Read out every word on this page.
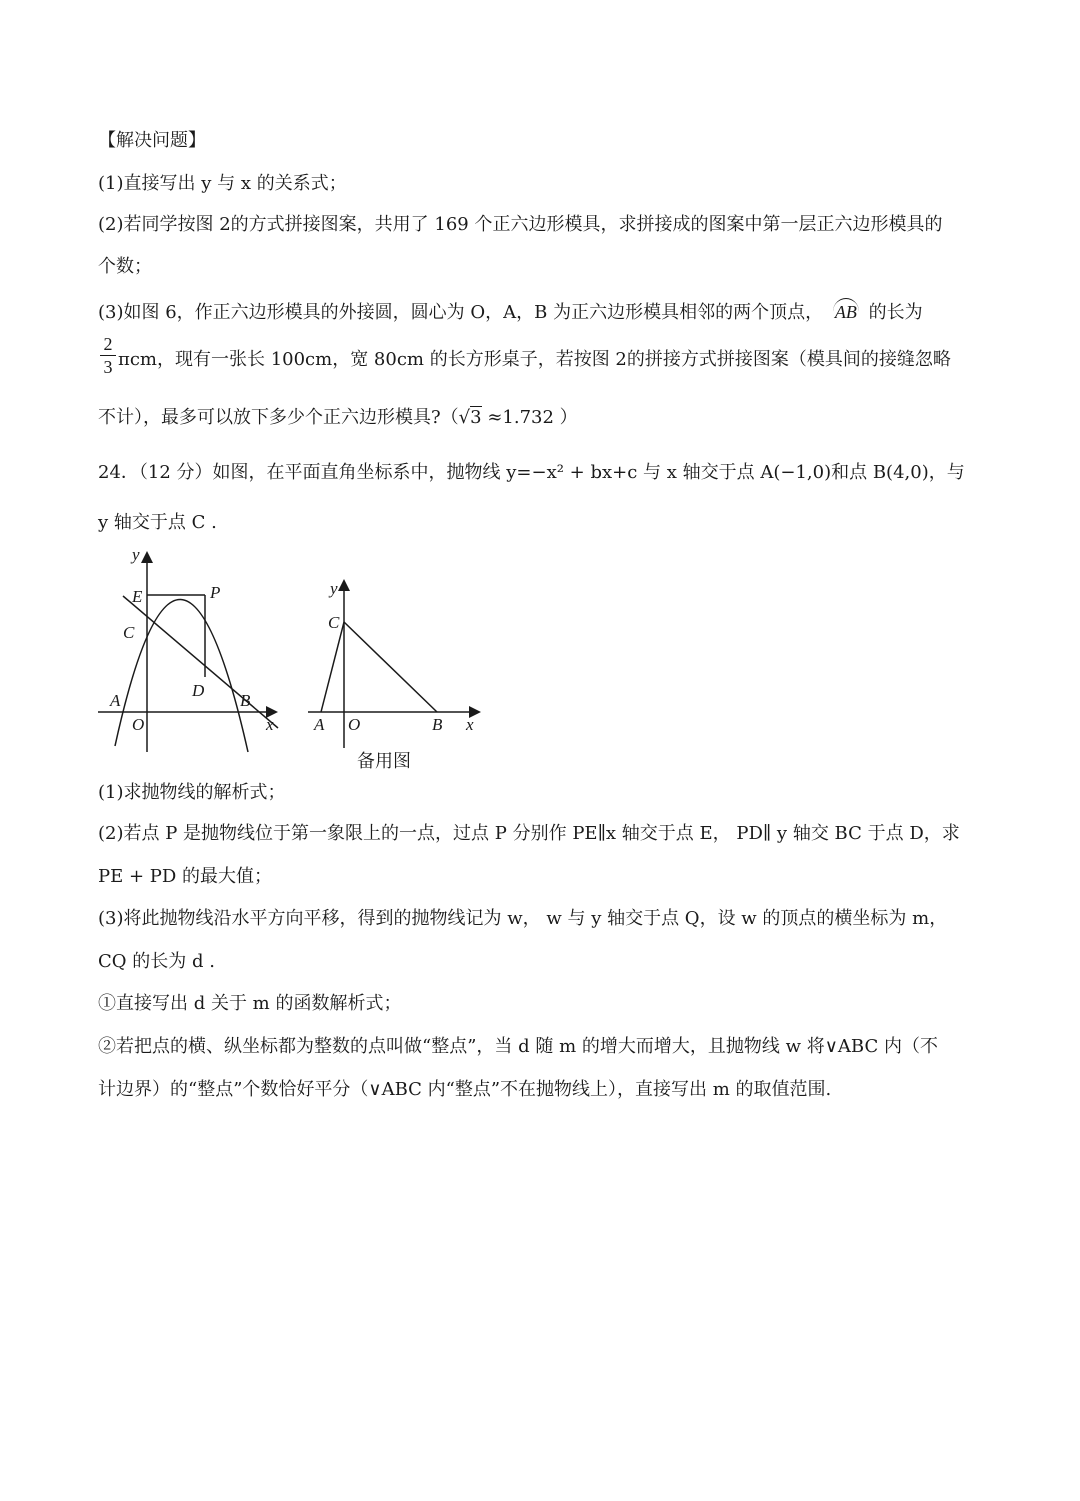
【解决问题】
(1)直接写出 y 与 x 的关系式；
(2)若同学按图 2的方式拼接图案，共用了 169 个正六边形模具，求拼接成的图案中第一层正六边形模具的
个数；
(3)如图 6，作正六边形模具的外接圆，圆心为 O，A，B 为正六边形模具相邻的两个顶点， AB 的长为
2
3 πcm，现有一张长 100cm，宽 80cm 的长方形桌子，若按图 2的拼接方式拼接图案（模具间的接缝忽略
不计），最多可以放下多少个正六边形模具?（√3 ≈1.732 ）
24．（12 分）如图，在平面直角坐标系中，抛物线 y=−x² + bx+c 与 x 轴交于点 A(−1,0)和点 B(4,0)，与
y 轴交于点 C .
y
E	P
C
D
A	B
O	x
y
C
A O	B x
备用图
(1)求抛物线的解析式；
(2)若点 P 是抛物线位于第一象限上的一点，过点 P 分别作 PE∥x 轴交于点 E， PD∥ y 轴交 BC 于点 D，求
PE + PD 的最大值；
(3)将此抛物线沿水平方向平移，得到的抛物线记为 w， w 与 y 轴交于点 Q，设 w 的顶点的横坐标为 m，
CQ 的长为 d .
①直接写出 d 关于 m 的函数解析式；
②若把点的横、纵坐标都为整数的点叫做“整点”，当 d 随 m 的增大而增大，且抛物线 w 将∨ABC 内（不
计边界）的“整点”个数恰好平分（∨ABC 内“整点”不在抛物线上），直接写出 m 的取值范围.
